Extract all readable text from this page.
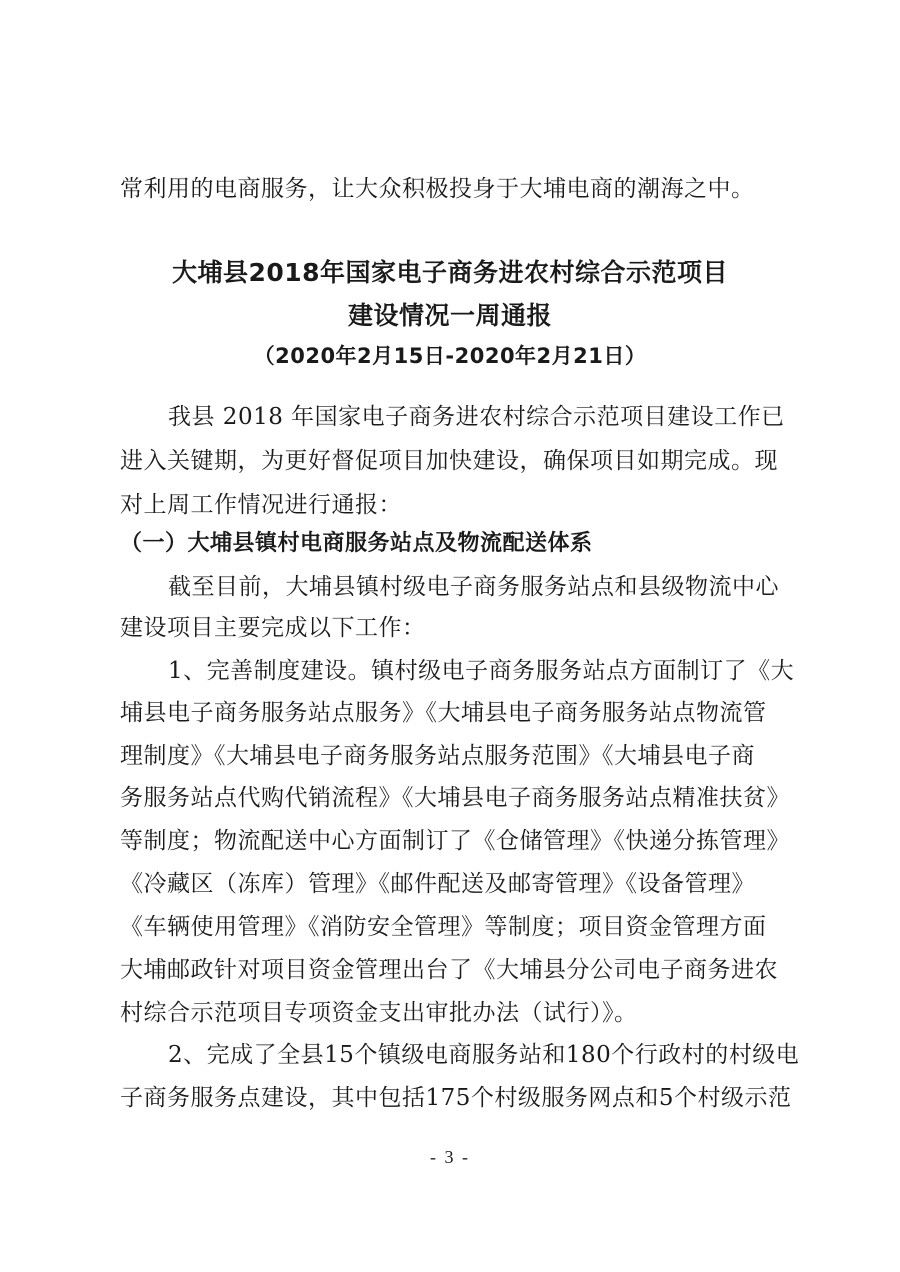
常利用的电商服务，让大众积极投身于大埔电商的潮海之中。
大埔县2018年国家电子商务进农村综合示范项目
建设情况一周通报
（2020年2月15日-2020年2月21日）
我县 2018 年国家电子商务进农村综合示范项目建设工作已
进入关键期，为更好督促项目加快建设，确保项目如期完成。现
对上周工作情况进行通报：
（一）大埔县镇村电商服务站点及物流配送体系
截至目前，大埔县镇村级电子商务服务站点和县级物流中心
建设项目主要完成以下工作：
1、完善制度建设。镇村级电子商务服务站点方面制订了《大
埔县电子商务服务站点服务》《大埔县电子商务服务站点物流管
理制度》《大埔县电子商务服务站点服务范围》《大埔县电子商
务服务站点代购代销流程》《大埔县电子商务服务站点精准扶贫》
等制度；物流配送中心方面制订了《仓储管理》《快递分拣管理》
《冷藏区（冻库）管理》《邮件配送及邮寄管理》《设备管理》
《车辆使用管理》《消防安全管理》等制度；项目资金管理方面
大埔邮政针对项目资金管理出台了《大埔县分公司电子商务进农
村综合示范项目专项资金支出审批办法（试行）》。
2、完成了全县15个镇级电商服务站和180个行政村的村级电
子商务服务点建设，其中包括175个村级服务网点和5个村级示范
- 3 -
